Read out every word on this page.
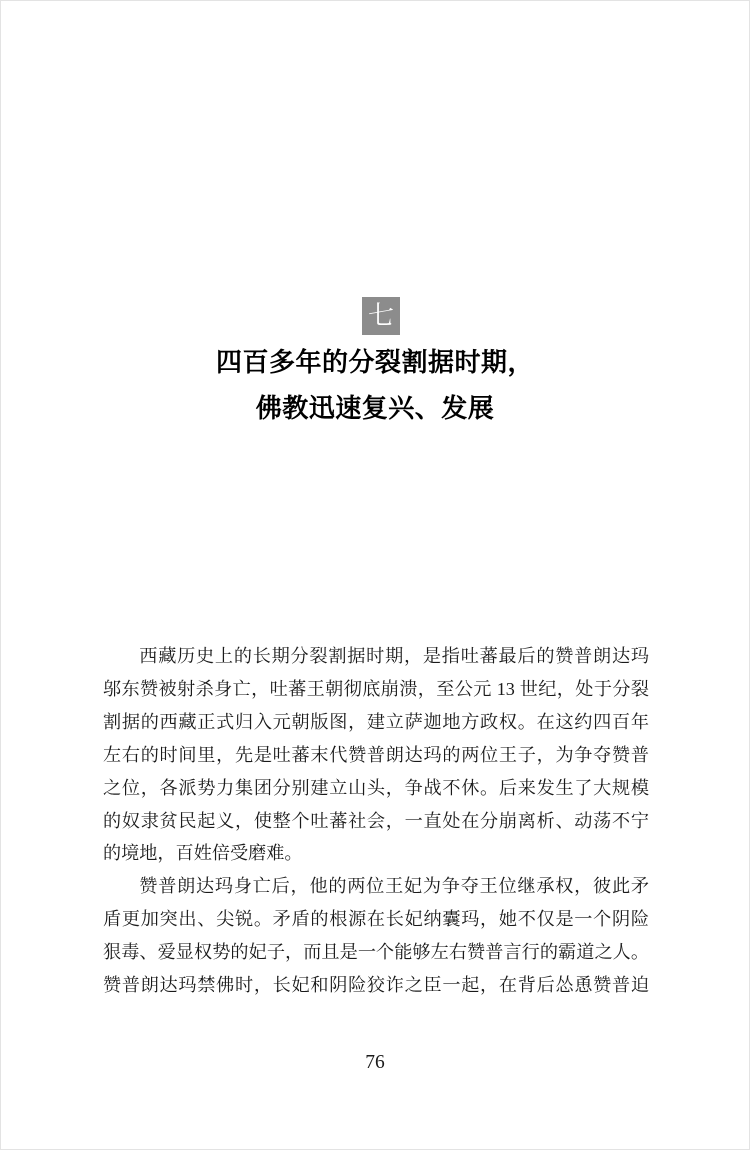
七
四百多年的分裂割据时期，
佛教迅速复兴、发展
西藏历史上的长期分裂割据时期，是指吐蕃最后的赞普朗达玛
邬东赞被射杀身亡，吐蕃王朝彻底崩溃，至公元 13 世纪，处于分裂
割据的西藏正式归入元朝版图，建立萨迦地方政权。在这约四百年
左右的时间里，先是吐蕃末代赞普朗达玛的两位王子，为争夺赞普
之位，各派势力集团分别建立山头，争战不休。后来发生了大规模
的奴隶贫民起义，使整个吐蕃社会，一直处在分崩离析、动荡不宁
的境地，百姓倍受磨难。
赞普朗达玛身亡后，他的两位王妃为争夺王位继承权，彼此矛
盾更加突出、尖锐。矛盾的根源在长妃纳囊玛，她不仅是一个阴险
狠毒、爱显权势的妃子，而且是一个能够左右赞普言行的霸道之人。
赞普朗达玛禁佛时，长妃和阴险狡诈之臣一起，在背后怂恿赞普迫
76
